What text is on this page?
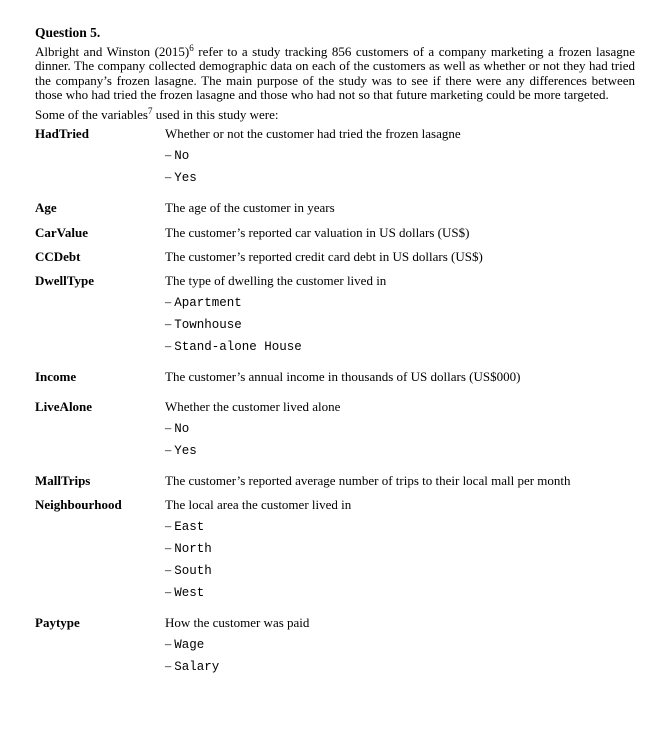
Question 5.

Albright and Winston $(2015)^6$ refer to a study tracking 856 customers of a company marketing a frozen lasagne dinner. The company collected demographic data on each of the customers as well as whether or not they had tried the company’s frozen lasagne. The main purpose of the study was to see if there were any differences between those who had tried the frozen lasagne and those who had not so that future marketing could be more targeted.

Some of the variables$^7$ used in this study were:

HadTried	Whether or not the customer had tried the frozen lasagne
– No
– Yes
Age	The age of the customer in years
CarValue	The customer’s reported car valuation in US dollars (US$)
CCDebt	The customer’s reported credit card debt in US dollars (US$)
DwellType	The type of dwelling the customer lived in
– Apartment
– Townhouse
– Stand-alone House
Income	The customer’s annual income in thousands of US dollars (US$000)
LiveAlone	Whether the customer lived alone
– No
– Yes
MallTrips	The customer’s reported average number of trips to their local mall per month
Neighbourhood	The local area the customer lived in
– East
– North
– South
– West
Paytype	How the customer was paid
– Wage
– Salary
